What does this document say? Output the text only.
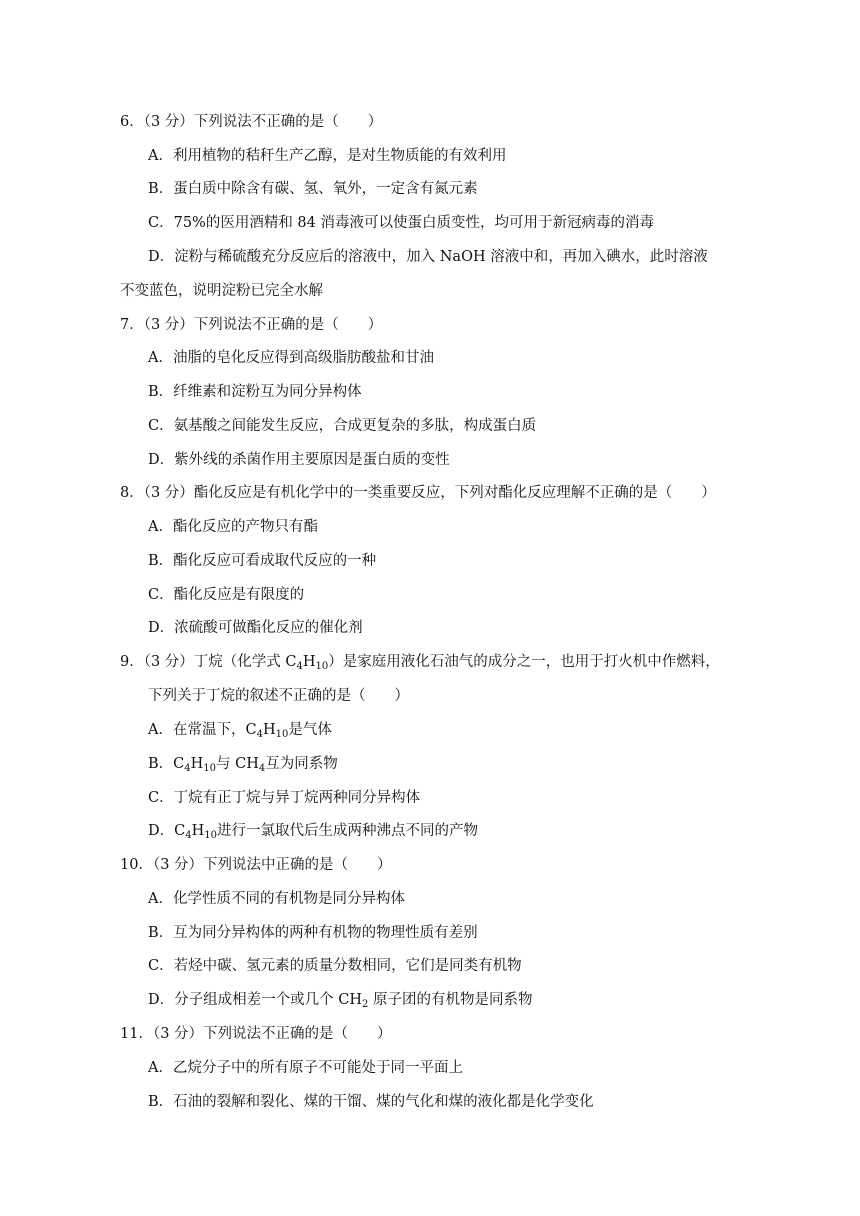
6．（3 分）下列说法不正确的是（　　）
A．利用植物的秸秆生产乙醇，是对生物质能的有效利用
B．蛋白质中除含有碳、氢、氧外，一定含有氮元素
C．75%的医用酒精和 84 消毒液可以使蛋白质变性，均可用于新冠病毒的消毒
D．淀粉与稀硫酸充分反应后的溶液中，加入 NaOH 溶液中和，再加入碘水，此时溶液
不变蓝色，说明淀粉已完全水解
7．（3 分）下列说法不正确的是（　　）
A．油脂的皂化反应得到高级脂肪酸盐和甘油
B．纤维素和淀粉互为同分异构体
C．氨基酸之间能发生反应，合成更复杂的多肽，构成蛋白质
D．紫外线的杀菌作用主要原因是蛋白质的变性
8．（3 分）酯化反应是有机化学中的一类重要反应，下列对酯化反应理解不正确的是（　　）
A．酯化反应的产物只有酯
B．酯化反应可看成取代反应的一种
C．酯化反应是有限度的
D．浓硫酸可做酯化反应的催化剂
9．（3 分）丁烷（化学式 $C_4H_{10}$）是家庭用液化石油气的成分之一，也用于打火机中作燃料，
下列关于丁烷的叙述不正确的是（　　）
A．在常温下，$C_4H_{10}$是气体
B．$C_4H_{10}$与 $CH_4$互为同系物
C．丁烷有正丁烷与异丁烷两种同分异构体
D．$C_4H_{10}$进行一氯取代后生成两种沸点不同的产物
10．（3 分）下列说法中正确的是（　　）
A．化学性质不同的有机物是同分异构体
B．互为同分异构体的两种有机物的物理性质有差别
C．若烃中碳、氢元素的质量分数相同，它们是同类有机物
D．分子组成相差一个或几个 $CH_2$ 原子团的有机物是同系物
11．（3 分）下列说法不正确的是（　　）
A．乙烷分子中的所有原子不可能处于同一平面上
B．石油的裂解和裂化、煤的干馏、煤的气化和煤的液化都是化学变化
